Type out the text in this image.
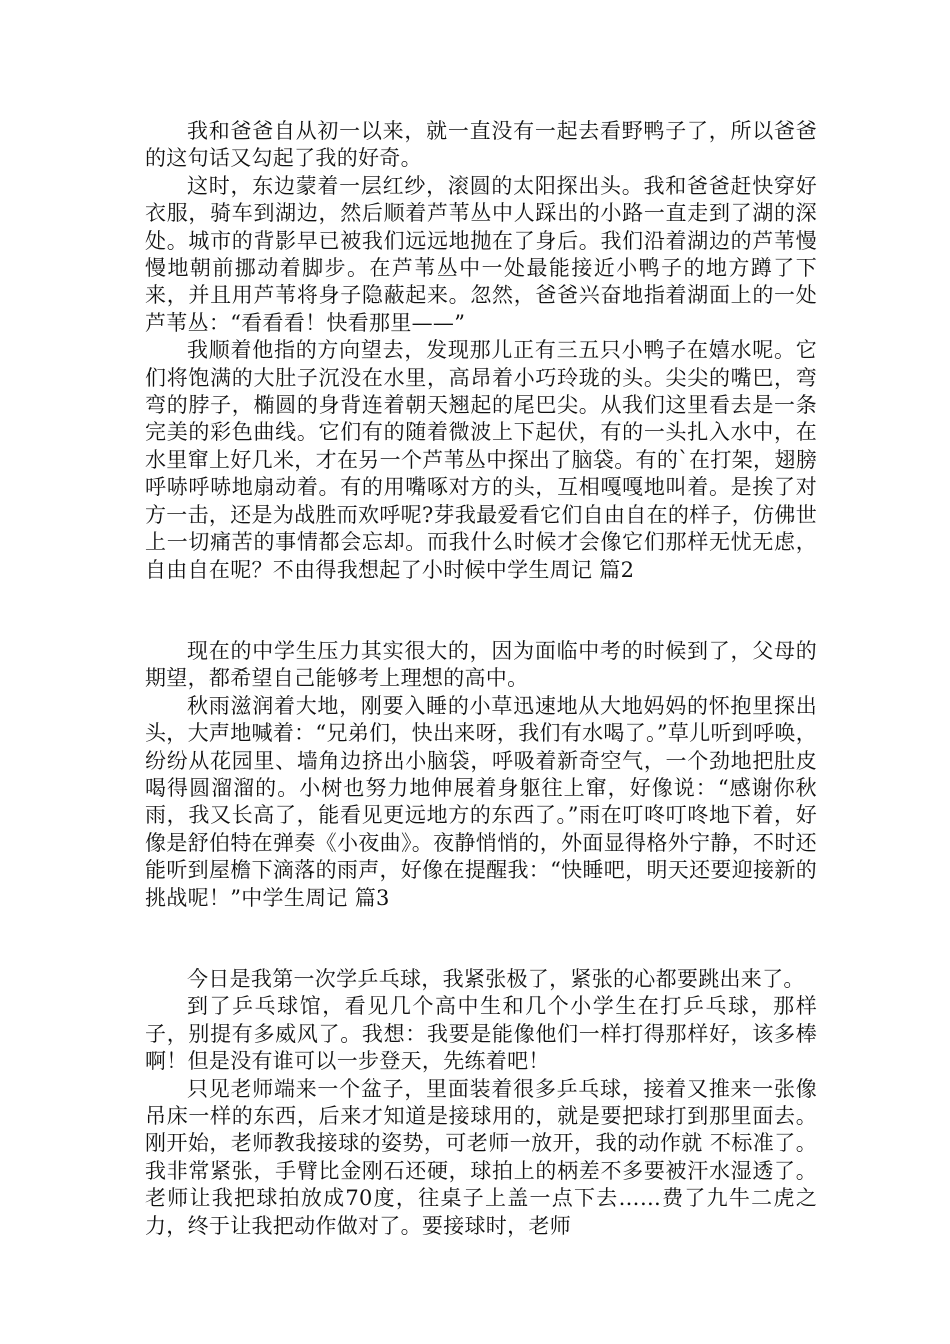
我和爸爸自从初一以来，就一直没有一起去看野鸭子了，所以爸爸的这句话又勾起了我的好奇。

这时，东边蒙着一层红纱，滚圆的太阳探出头。我和爸爸赶快穿好衣服，骑车到湖边，然后顺着芦苇丛中人踩出的小路一直走到了湖的深处。城市的背影早已被我们远远地抛在了身后。我们沿着湖边的芦苇慢慢地朝前挪动着脚步。在芦苇丛中一处最能接近小鸭子的地方蹲了下来，并且用芦苇将身子隐蔽起来。忽然，爸爸兴奋地指着湖面上的一处芦苇丛：“看看看！快看那里——”

我顺着他指的方向望去，发现那儿正有三五只小鸭子在嬉水呢。它们将饱满的大肚子沉没在水里，高昂着小巧玲珑的头。尖尖的嘴巴，弯弯的脖子，椭圆的身背连着朝天翘起的尾巴尖。从我们这里看去是一条完美的彩色曲线。它们有的随着微波上下起伏，有的一头扎入水中，在水里窜上好几米，才在另一个芦苇丛中探出了脑袋。有的`在打架，翅膀呼哧呼哧地扇动着。有的用嘴啄对方的头，互相嘎嘎地叫着。是挨了对方一击，还是为战胜而欢呼呢?芽我最爱看它们自由自在的样子，仿佛世上一切痛苦的事情都会忘却。而我什么时候才会像它们那样无忧无虑，自由自在呢？不由得我想起了小时候中学生周记 篇2

现在的中学生压力其实很大的，因为面临中考的时候到了，父母的期望，都希望自己能够考上理想的高中。

秋雨滋润着大地，刚要入睡的小草迅速地从大地妈妈的怀抱里探出头，大声地喊着：“兄弟们，快出来呀，我们有水喝了。”草儿听到呼唤，纷纷从花园里、墙角边挤出小脑袋，呼吸着新奇空气，一个劲地把肚皮喝得圆溜溜的。小树也努力地伸展着身躯往上窜，好像说：“感谢你秋雨，我又长高了，能看见更远地方的东西了。”雨在叮咚叮咚地下着，好像是舒伯特在弹奏《小夜曲》。夜静悄悄的，外面显得格外宁静，不时还能听到屋檐下滴落的雨声，好像在提醒我：“快睡吧，明天还要迎接新的挑战呢！”中学生周记 篇3

今日是我第一次学乒乓球，我紧张极了，紧张的心都要跳出来了。

到了乒乓球馆，看见几个高中生和几个小学生在打乒乓球，那样子，别提有多威风了。我想：我要是能像他们一样打得那样好，该多棒啊！但是没有谁可以一步登天，先练着吧！

只见老师端来一个盆子，里面装着很多乒乓球，接着又推来一张像吊床一样的东西，后来才知道是接球用的，就是要把球打到那里面去。刚开始，老师教我接球的姿势，可老师一放开，我的动作就 不标准了。我非常紧张，手臂比金刚石还硬，球拍上的柄差不多要被汗水湿透了。老师让我把球拍放成70度，往桌子上盖一点下去……费了九牛二虎之力，终于让我把动作做对了。要接球时，老师
